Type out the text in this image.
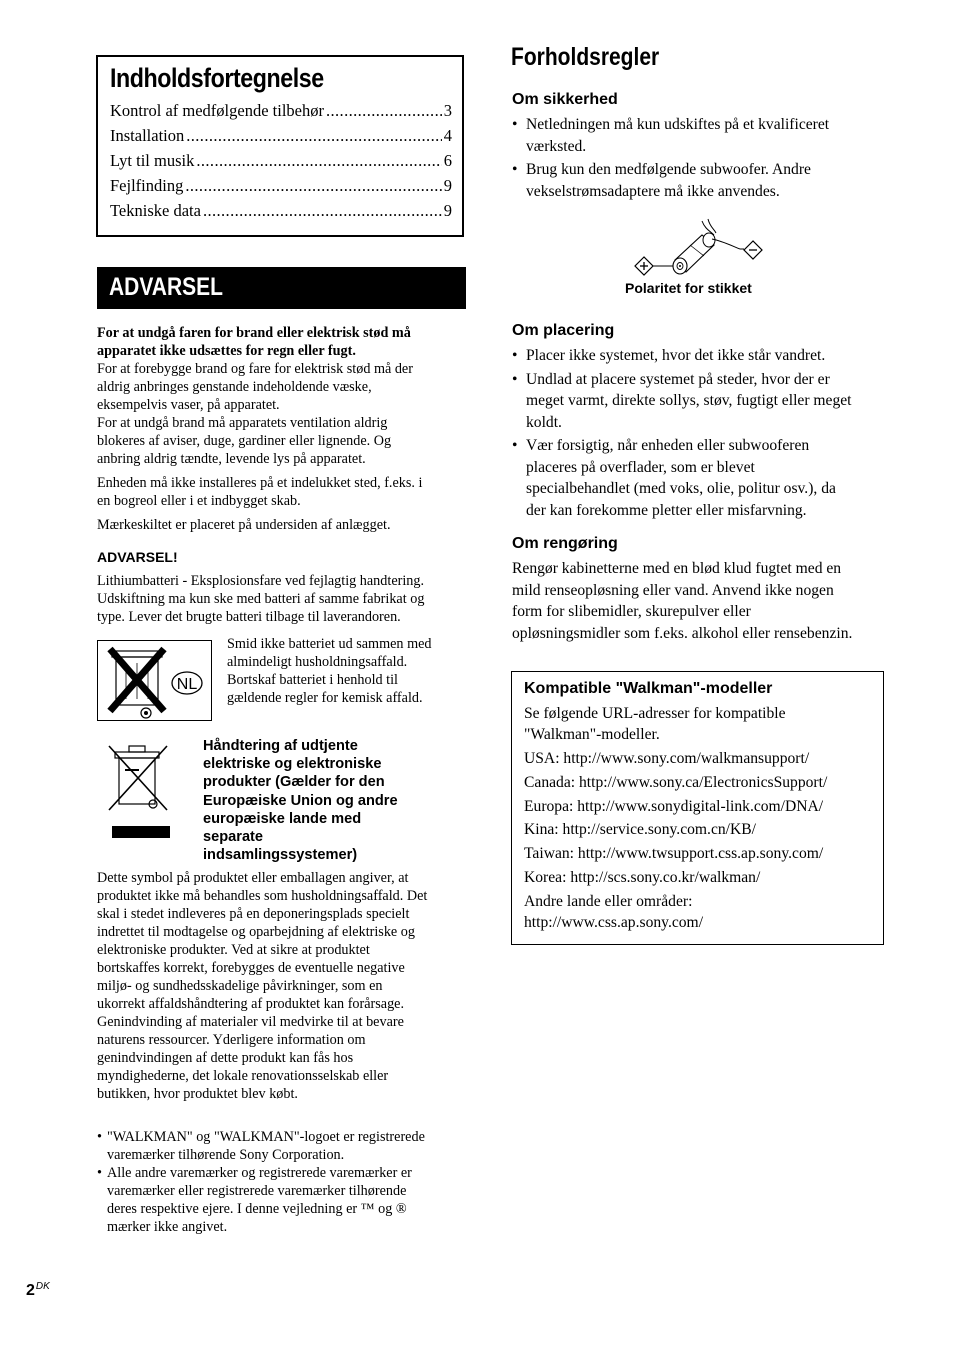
Indholdsfortegnelse
Kontrol af medfølgende tilbehør .....	3
Installation .....	4
Lyt til musik .....	6
Fejlfinding .....	9
Tekniske data .....	9
ADVARSEL

For at undgå faren for brand eller elektrisk stød må

apparatet ikke udsættes for regn eller fugt.

For at forebygge brand og fare for elektrisk stød må der

aldrig anbringes genstande indeholdende væske,

eksempelvis vaser, på apparatet.

For at undgå brand må apparatets ventilation aldrig

blokeres af aviser, duge, gardiner eller lignende. Og

anbring aldrig tændte, levende lys på apparatet.

Enheden må ikke installeres på et indelukket sted, f.eks. i

en bogreol eller i et indbygget skab.

Mærkeskiltet er placeret på undersiden af anlægget.

ADVARSEL!

Lithiumbatteri - Eksplosionsfare ved fejlagtig handtering.

Udskiftning ma kun ske med batteri af samme fabrikat og

type. Lever det brugte batteri tilbage til laverandoren.

NL

Smid ikke batteriet ud sammen med

almindeligt husholdningsaffald.

Bortskaf batteriet i henhold til

gældende regler for kemisk affald.

Håndtering af udtjente
elektriske og elektroniske
produkter (Gælder for den
Europæiske Union og andre
europæiske lande med
separate
indsamlingssystemer)

Dette symbol på produktet eller emballagen angiver, at

produktet ikke må behandles som husholdningsaffald. Det

skal i stedet indleveres på en deponeringsplads specielt

indrettet til modtagelse og oparbejdning af elektriske og

elektroniske produkter. Ved at sikre at produktet

bortskaffes korrekt, forebygges de eventuelle negative

miljø- og sundhedsskadelige påvirkninger, som en

ukorrekt affaldshåndtering af produktet kan forårsage.

Genindvinding af materialer vil medvirke til at bevare

naturens ressourcer. Yderligere information om

genindvindingen af dette produkt kan fås hos

myndighederne, det lokale renovationsselskab eller

butikken, hvor produktet blev købt.

• "WALKMAN" og "WALKMAN"-logoet er registrerede

varemærker tilhørende Sony Corporation.

• Alle andre varemærker og registrerede varemærker er

varemærker eller registrerede varemærker tilhørende

deres respektive ejere. I denne vejledning er ™ og ®

mærker ikke angivet.

$2^{DK}$
Forholdsregler
Om sikkerhed
• Netledningen må kun udskiftes på et kvalificeret
værksted.
• Brug kun den medfølgende subwoofer. Andre
vekselstrømsadaptere må ikke anvendes.
Polaritet for stikket
Om placering
• Placer ikke systemet, hvor det ikke står vandret.
• Undlad at placere systemet på steder, hvor der er
meget varmt, direkte sollys, støv, fugtigt eller meget
koldt.
• Vær forsigtig, når enheden eller subwooferen
placeres på overflader, som er blevet
specialbehandlet (med voks, olie, politur osv.), da
der kan forekomme pletter eller misfarvning.
Om rengøring
Rengør kabinetterne med en blød klud fugtet med en
mild renseopløsning eller vand. Anvend ikke nogen
form for slibemidler, skurepulver eller
opløsningsmidler som f.eks. alkohol eller rensebenzin.
Kompatible "Walkman"-modeller
Se følgende URL-adresser for kompatible
"Walkman"-modeller.
USA: http://www.sony.com/walkmansupport/
Canada: http://www.sony.ca/ElectronicsSupport/
Europa: http://www.sonydigital-link.com/DNA/
Kina: http://service.sony.com.cn/KB/
Taiwan: http://www.twsupport.css.ap.sony.com/
Korea: http://scs.sony.co.kr/walkman/
Andre lande eller områder:
http://www.css.ap.sony.com/
